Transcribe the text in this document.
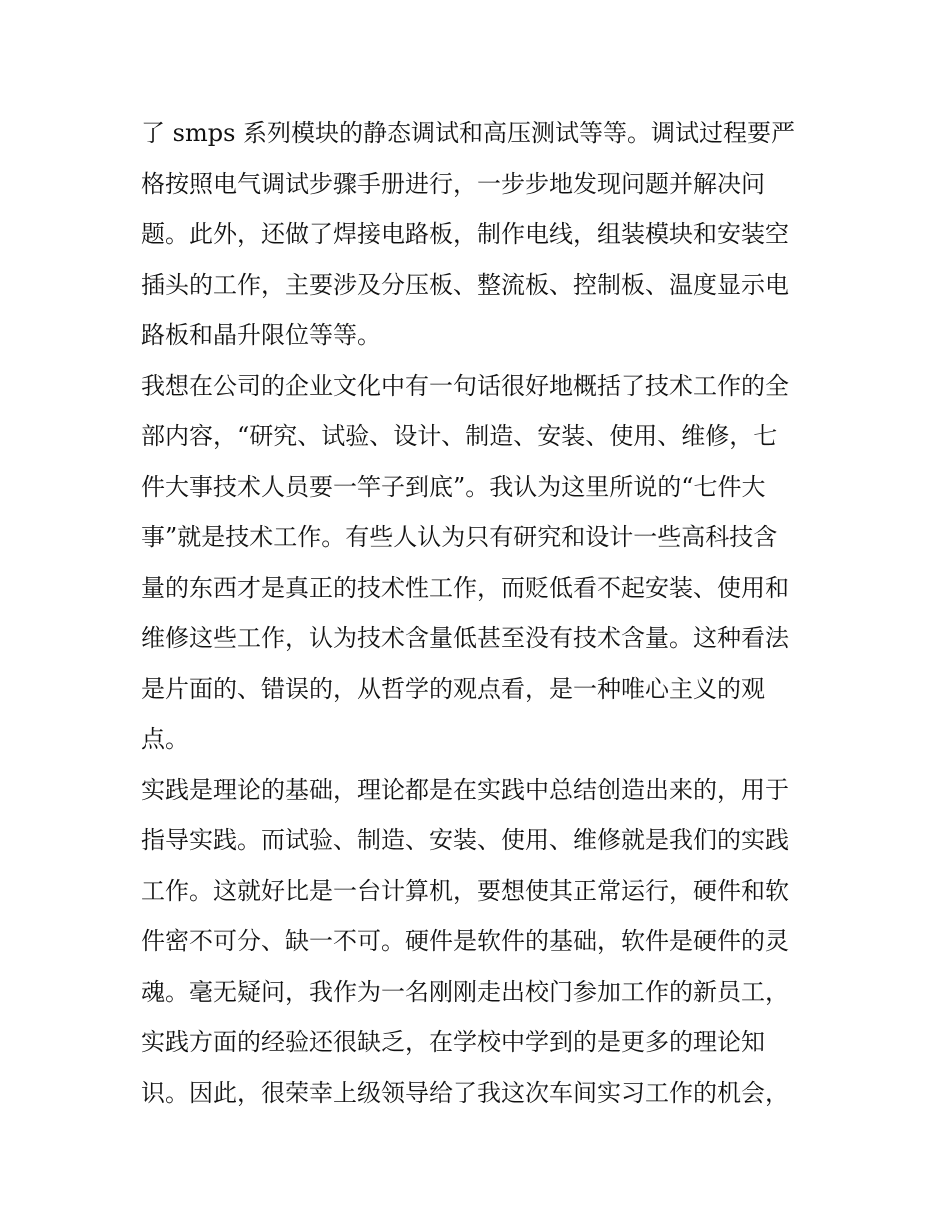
了 smps 系列模块的静态调试和高压测试等等。调试过程要严
格按照电气调试步骤手册进行，一步步地发现问题并解决问
题。此外，还做了焊接电路板，制作电线，组装模块和安装空
插头的工作，主要涉及分压板、整流板、控制板、温度显示电
路板和晶升限位等等。
我想在公司的企业文化中有一句话很好地概括了技术工作的全
部内容，“研究、试验、设计、制造、安装、使用、维修，七
件大事技术人员要一竿子到底”。我认为这里所说的“七件大
事”就是技术工作。有些人认为只有研究和设计一些高科技含
量的东西才是真正的技术性工作，而贬低看不起安装、使用和
维修这些工作，认为技术含量低甚至没有技术含量。这种看法
是片面的、错误的，从哲学的观点看，是一种唯心主义的观
点。
实践是理论的基础，理论都是在实践中总结创造出来的，用于
指导实践。而试验、制造、安装、使用、维修就是我们的实践
工作。这就好比是一台计算机，要想使其正常运行，硬件和软
件密不可分、缺一不可。硬件是软件的基础，软件是硬件的灵
魂。毫无疑问，我作为一名刚刚走出校门参加工作的新员工，
实践方面的经验还很缺乏，在学校中学到的是更多的理论知
识。因此，很荣幸上级领导给了我这次车间实习工作的机会，
